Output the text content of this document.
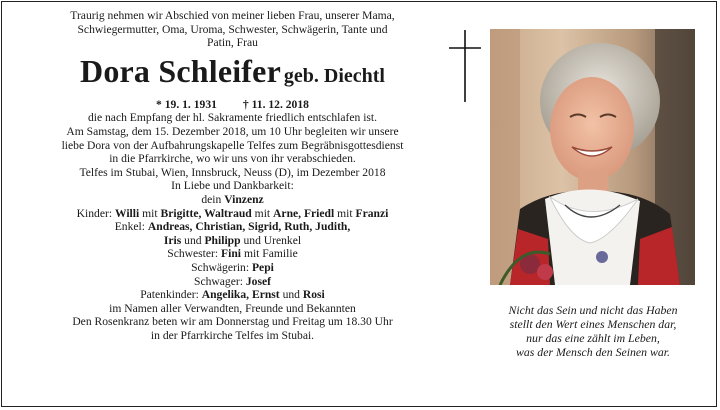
Traurig nehmen wir Abschied von meiner lieben Frau, unserer Mama,

Schwiegermutter, Oma, Uroma, Schwester, Schwägerin, Tante und

Patin, Frau

Dora Schleifer geb. Diechtl

* 19. 1. 1931 † 11. 12. 2018

die nach Empfang der hl. Sakramente friedlich entschlafen ist.

Am Samstag, dem 15. Dezember 2018, um 10 Uhr begleiten wir unsere

liebe Dora von der Aufbahrungskapelle Telfes zum Begräbnisgottesdienst

in die Pfarrkirche, wo wir uns von ihr verabschieden.

Telfes im Stubai, Wien, Innsbruck, Neuss (D), im Dezember 2018

In Liebe und Dankbarkeit:

dein Vinzenz

Kinder: Willi mit Brigitte, Waltraud mit Arne, Friedl mit Franzi

Enkel: Andreas, Christian, Sigrid, Ruth, Judith,

Iris und Philipp und Urenkel

Schwester: Fini mit Familie

Schwägerin: Pepi

Schwager: Josef

Patenkinder: Angelika, Ernst und Rosi

im Namen aller Verwandten, Freunde und Bekannten

Den Rosenkranz beten wir am Donnerstag und Freitag um 18.30 Uhr

in der Pfarrkirche Telfes im Stubai.

Nicht das Sein und nicht das Haben

stellt den Wert eines Menschen dar,

nur das eine zählt im Leben,

was der Mensch den Seinen war.
